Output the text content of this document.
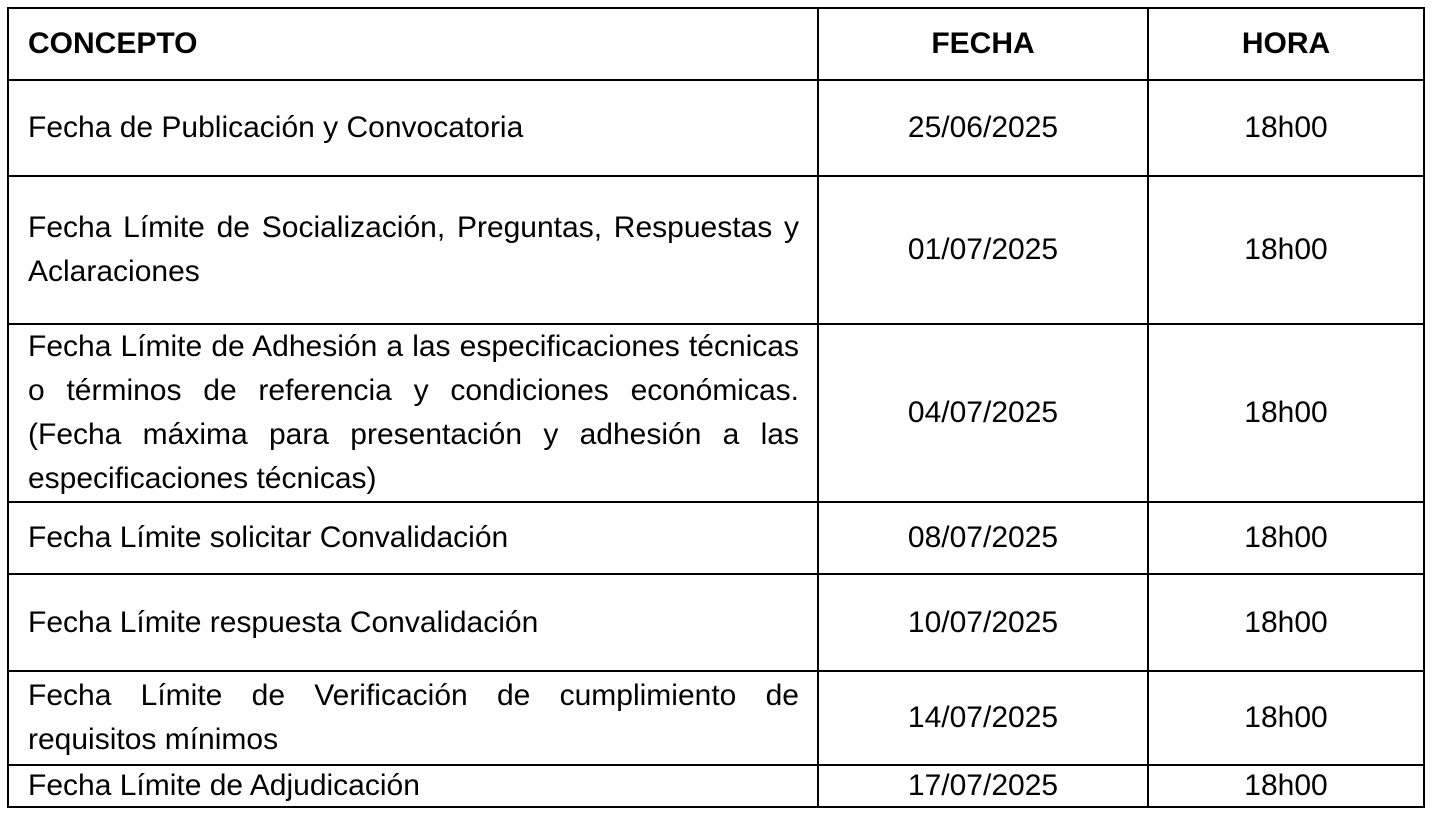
CONCEPTO	FECHA	HORA
Fecha de Publicación y Convocatoria	25/06/2025	18h00
Fecha Límite de Socialización, Preguntas, Respuestas y Aclaraciones	01/07/2025	18h00
Fecha Límite de Adhesión a las especificaciones técnicas o términos de referencia y condiciones económicas. (Fecha máxima para presentación y adhesión a las especificaciones técnicas)	04/07/2025	18h00
Fecha Límite solicitar Convalidación	08/07/2025	18h00
Fecha Límite respuesta Convalidación	10/07/2025	18h00
Fecha Límite de Verificación de cumplimiento de requisitos mínimos	14/07/2025	18h00
Fecha Límite de Adjudicación	17/07/2025	18h00
